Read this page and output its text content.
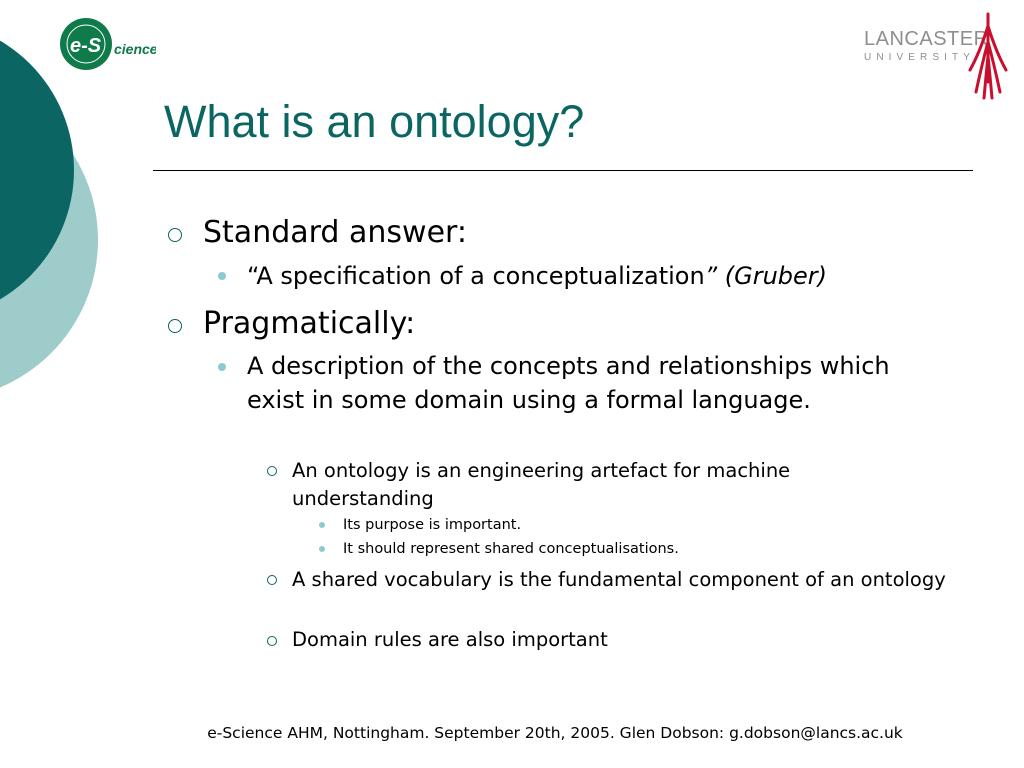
e-S cience	LANCASTER
UNIVERSITY
What is an ontology?

Standard answer:

“A specification of a conceptualization” (Gruber)

Pragmatically:

A description of the concepts and relationships which exist in some domain using a formal language.

An ontology is an engineering artefact for machine understanding

Its purpose is important.

It should represent shared conceptualisations.

A shared vocabulary is the fundamental component of an ontology

Domain rules are also important

e-Science AHM, Nottingham. September 20th, 2005. Glen Dobson: g.dobson@lancs.ac.uk
